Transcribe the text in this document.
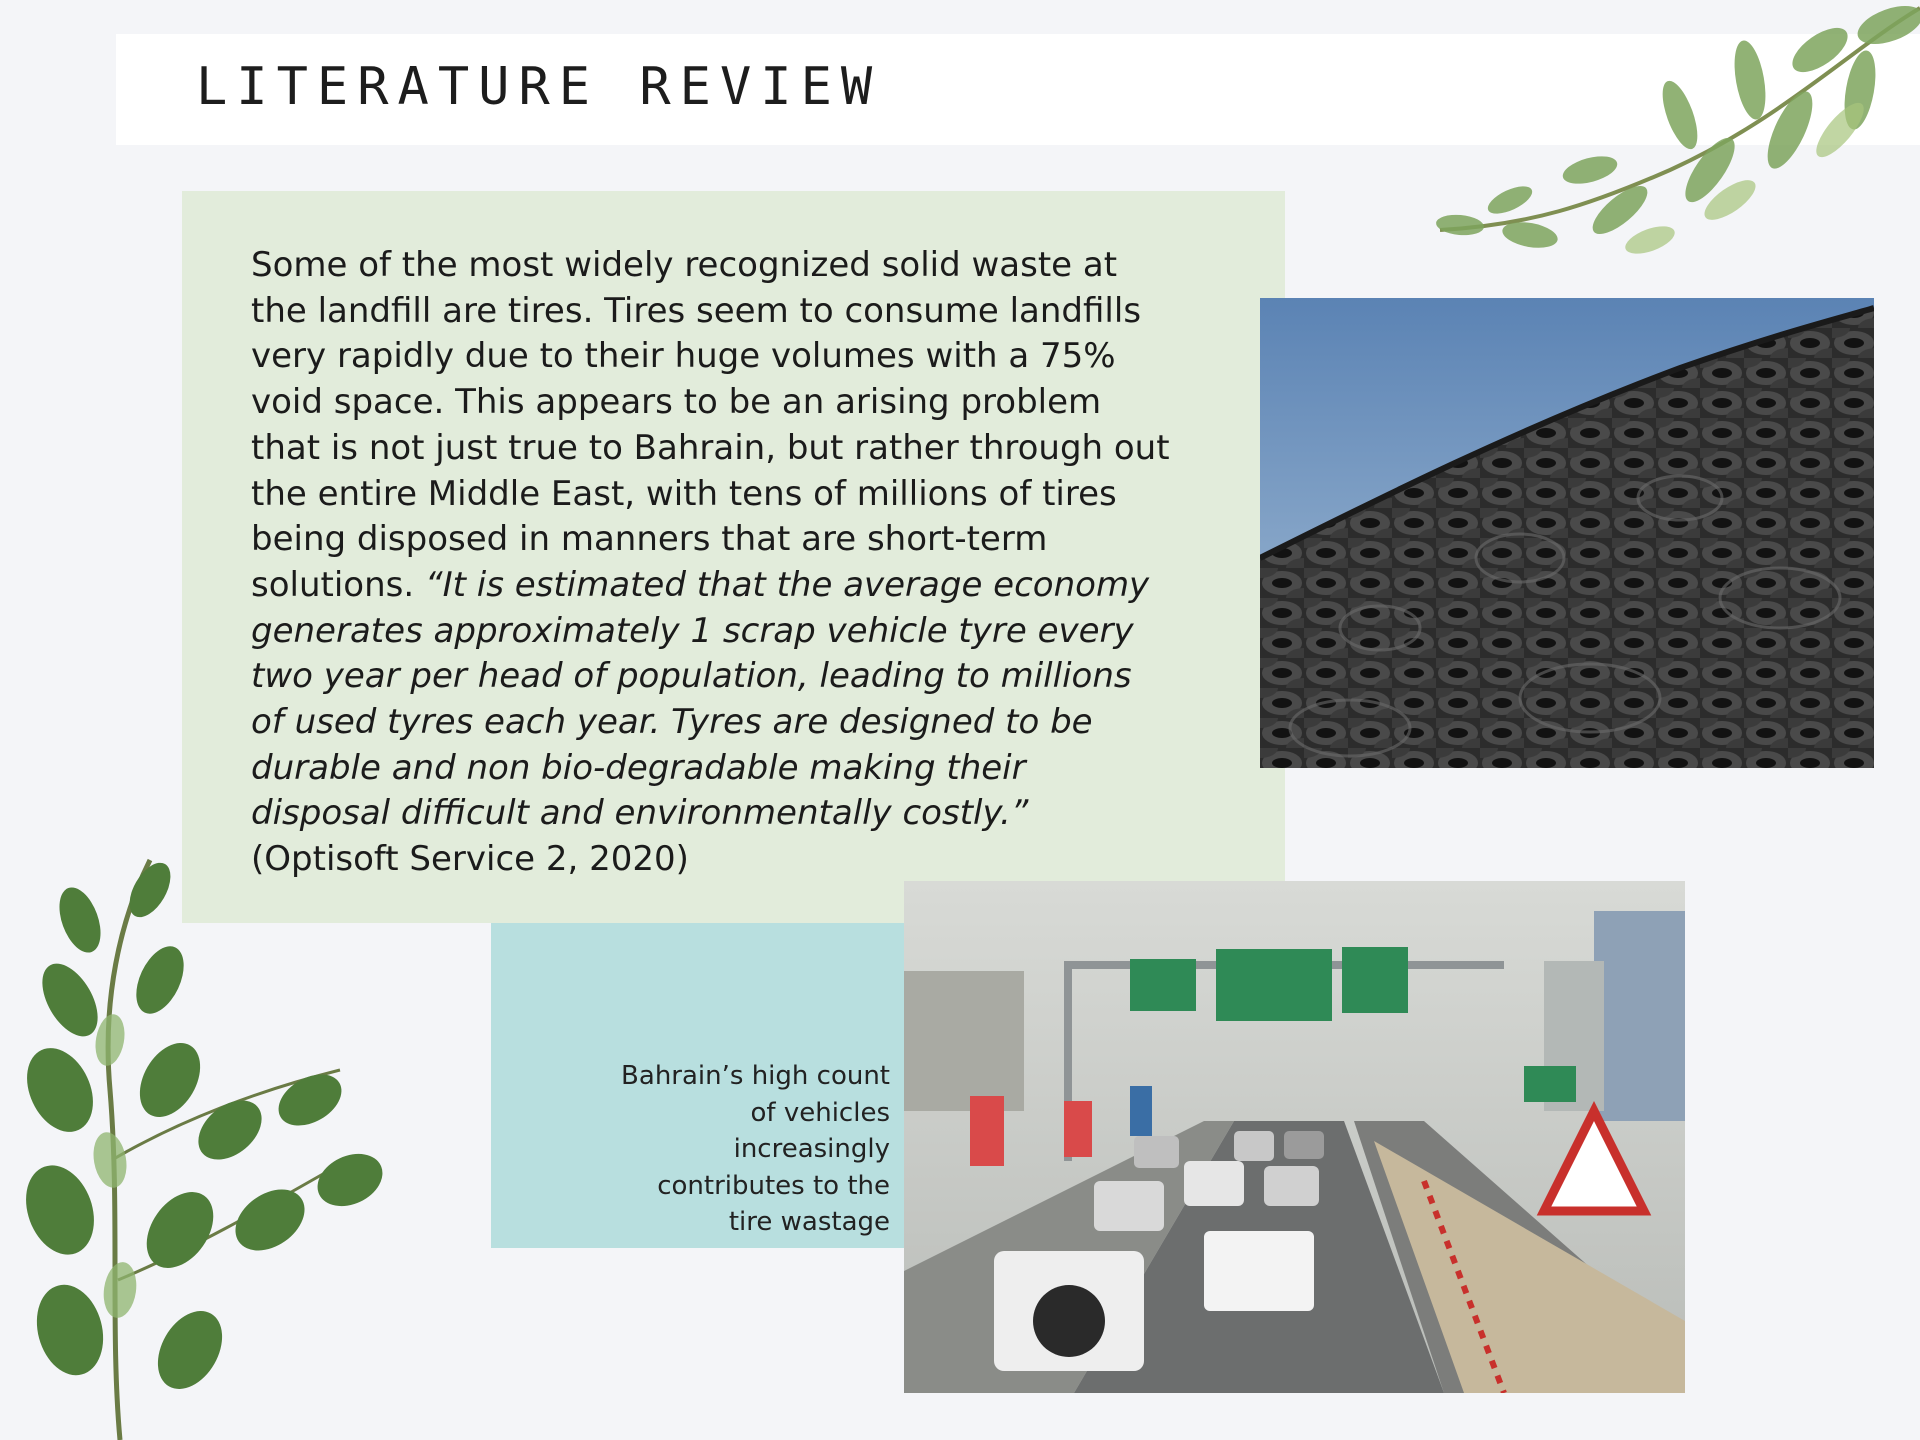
LITERATURE REVIEW

Some of the most widely recognized solid waste at
the landfill are tires. Tires seem to consume landfills
very rapidly due to their huge volumes with a 75%
void space. This appears to be an arising problem
that is not just true to Bahrain, but rather through out
the entire Middle East, with tens of millions of tires
being disposed in manners that are short-term
solutions. “It is estimated that the average economy
generates approximately 1 scrap vehicle tyre every
two year per head of population, leading to millions
of used tyres each year. Tyres are designed to be
durable and non bio-degradable making their
disposal difficult and environmentally costly.”
(Optisoft Service 2, 2020)

Bahrain’s high count
of vehicles
increasingly
contributes to the
tire wastage
